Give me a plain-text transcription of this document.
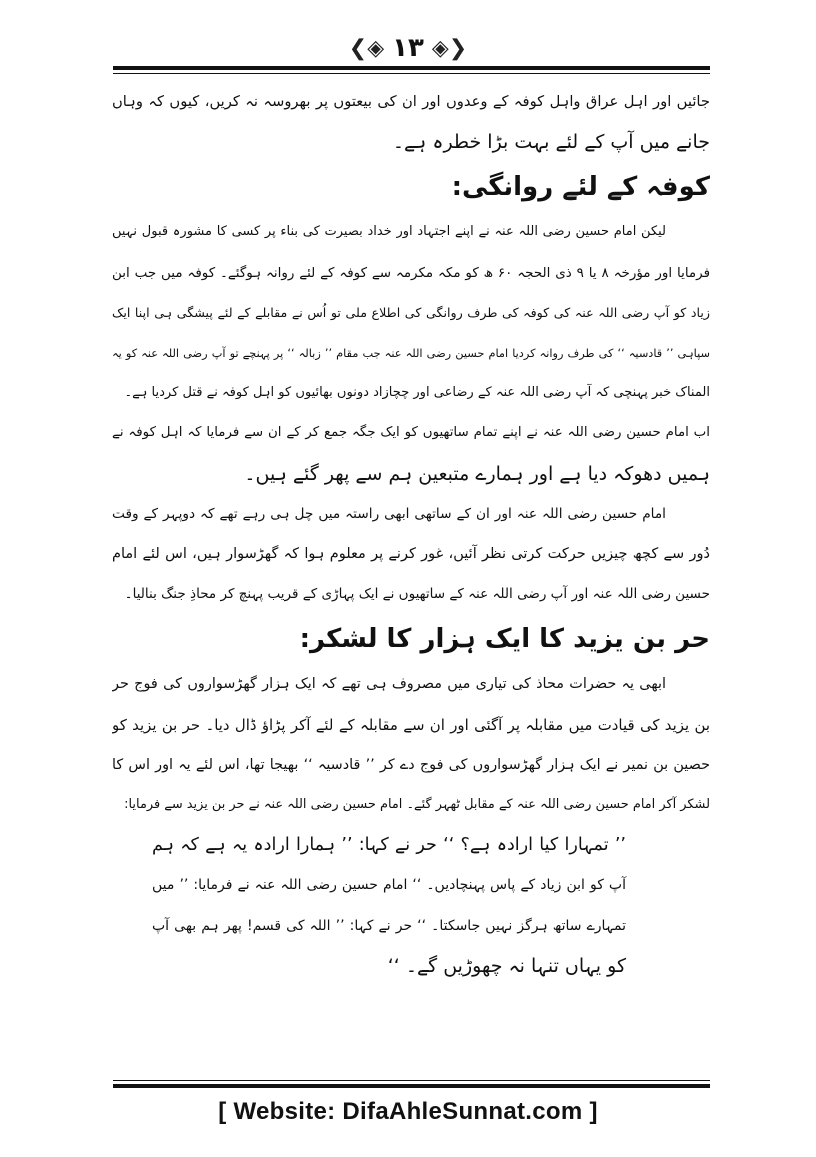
❮◈ ۱۳ ◈❯

جائیں اور اہل عراق واہل کوفہ کے وعدوں اور ان کی بیعتوں پر بھروسہ نہ کریں، کیوں کہ وہاں
جانے میں آپ کے لئے بہت بڑا خطرہ ہے۔

کوفہ کے لئے روانگی:

لیکن امام حسین رضی اللہ عنہ نے اپنے اجتہاد اور خداد بصیرت کی بناء پر کسی کا مشورہ قبول نہیں
فرمایا اور مؤرخہ ۸ یا ۹ ذی الحجہ ۶۰ ھ کو مکہ مکرمہ سے کوفہ کے لئے روانہ ہوگئے۔ کوفہ میں جب ابن
زیاد کو آپ رضی اللہ عنہ کی کوفہ کی طرف روانگی کی اطلاع ملی تو اُس نے مقابلے کے لئے پیشگی ہی اپنا ایک
سپاہی ’’ قادسیہ ‘‘ کی طرف روانہ کردیا امام حسین رضی اللہ عنہ جب مقام ’’ زبالہ ‘‘ پر پہنچے تو آپ رضی اللہ عنہ کو یہ
المناک خبر پہنچی کہ آپ رضی اللہ عنہ کے رضاعی اور چچازاد دونوں بھائیوں کو اہل کوفہ نے قتل کردیا ہے۔
اب امام حسین رضی اللہ عنہ نے اپنے تمام ساتھیوں کو ایک جگہ جمع کر کے ان سے فرمایا کہ اہل کوفہ نے
ہمیں دھوکہ دیا ہے اور ہمارے متبعین ہم سے پھر گئے ہیں۔

امام حسین رضی اللہ عنہ اور ان کے ساتھی ابھی راستہ میں چل ہی رہے تھے کہ دوپہر کے وقت
دُور سے کچھ چیزیں حرکت کرتی نظر آئیں، غور کرنے پر معلوم ہوا کہ گھڑسوار ہیں، اس لئے امام
حسین رضی اللہ عنہ اور آپ رضی اللہ عنہ کے ساتھیوں نے ایک پہاڑی کے قریب پہنچ کر محاذِ جنگ بنالیا۔

حر بن یزید کا ایک ہزار کا لشکر:

ابھی یہ حضرات محاذ کی تیاری میں مصروف ہی تھے کہ ایک ہزار گھڑسواروں کی فوج حر
بن یزید کی قیادت میں مقابلہ پر آگئی اور ان سے مقابلہ کے لئے آکر پڑاؤ ڈال دیا۔ حر بن یزید کو
حصین بن نمیر نے ایک ہزار گھڑسواروں کی فوج دے کر ’’ قادسیہ ‘‘ بھیجا تھا، اس لئے یہ اور اس کا
لشکر آکر امام حسین رضی اللہ عنہ کے مقابل ٹھہر گئے۔ امام حسین رضی اللہ عنہ نے حر بن یزید سے فرمایا:

’’ تمہارا کیا ارادہ ہے؟ ‘‘ حر نے کہا: ’’ ہمارا ارادہ یہ ہے کہ ہم
آپ کو ابن زیاد کے پاس پہنچادیں۔ ‘‘ امام حسین رضی اللہ عنہ نے فرمایا: ’’ میں
تمہارے ساتھ ہرگز نہیں جاسکتا۔ ‘‘ حر نے کہا: ’’ اللہ کی قسم! پھر ہم بھی آپ
کو یہاں تنہا نہ چھوڑیں گے۔ ‘‘

[ Website: DifaAhleSunnat.com ]
